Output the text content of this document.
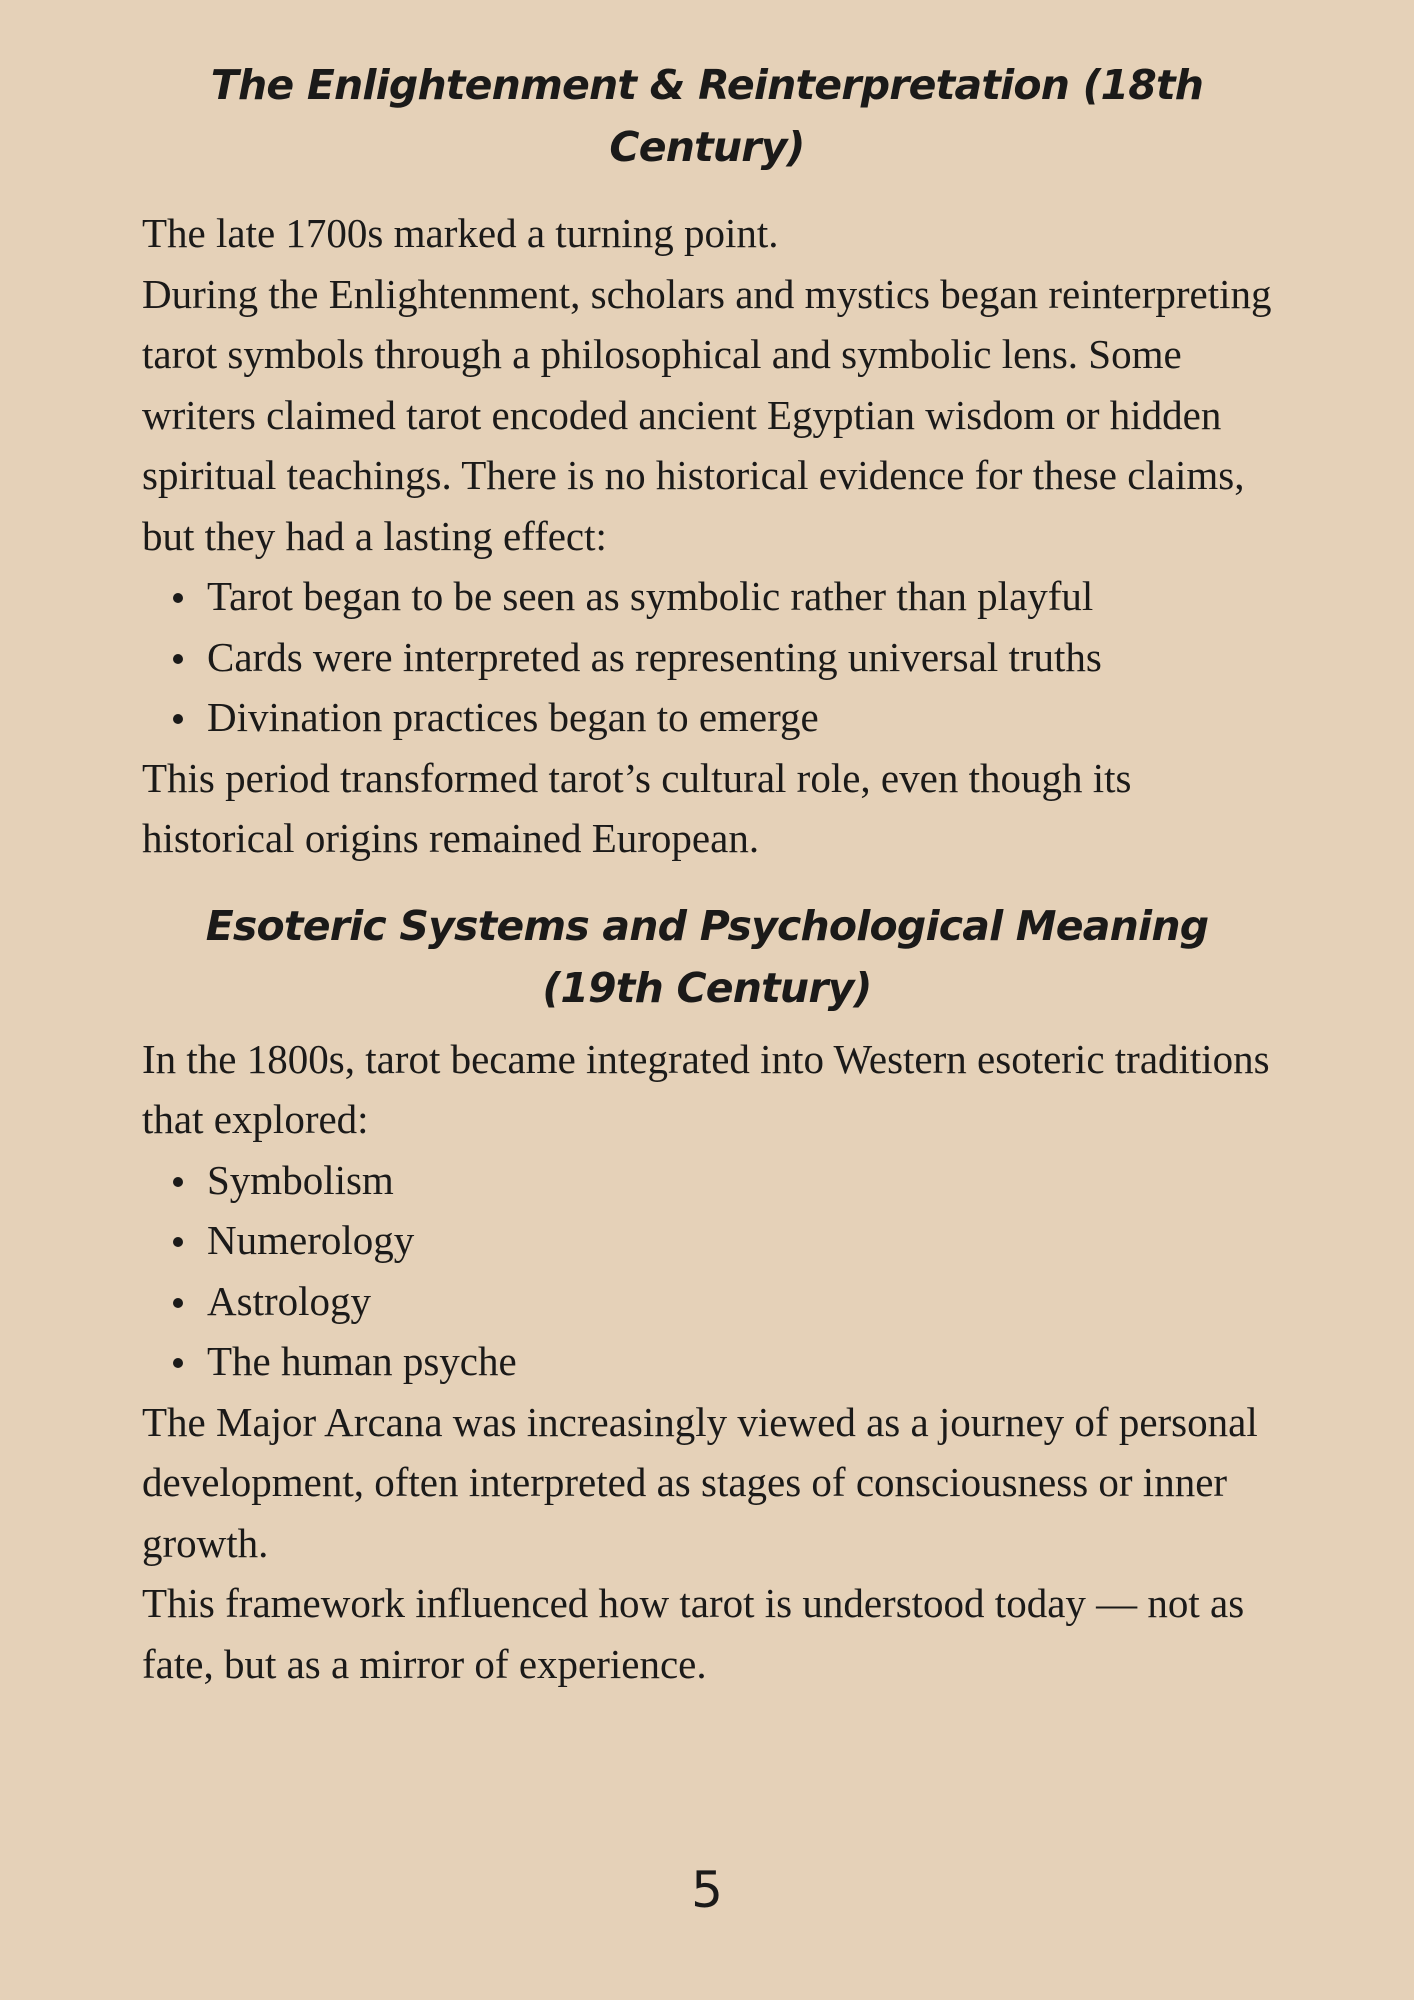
The Enlightenment & Reinterpretation (18th Century)

The late 1700s marked a turning point.

During the Enlightenment, scholars and mystics began reinterpreting tarot symbols through a philosophical and symbolic lens. Some writers claimed tarot encoded ancient Egyptian wisdom or hidden spiritual teachings. There is no historical evidence for these claims, but they had a lasting effect:

Tarot began to be seen as symbolic rather than playful
Cards were interpreted as representing universal truths
Divination practices began to emerge

This period transformed tarot’s cultural role, even though its historical origins remained European.

Esoteric Systems and Psychological Meaning (19th Century)

In the 1800s, tarot became integrated into Western esoteric traditions that explored:

Symbolism
Numerology
Astrology
The human psyche

The Major Arcana was increasingly viewed as a journey of personal development, often interpreted as stages of consciousness or inner growth.

This framework influenced how tarot is understood today — not as fate, but as a mirror of experience.

5
